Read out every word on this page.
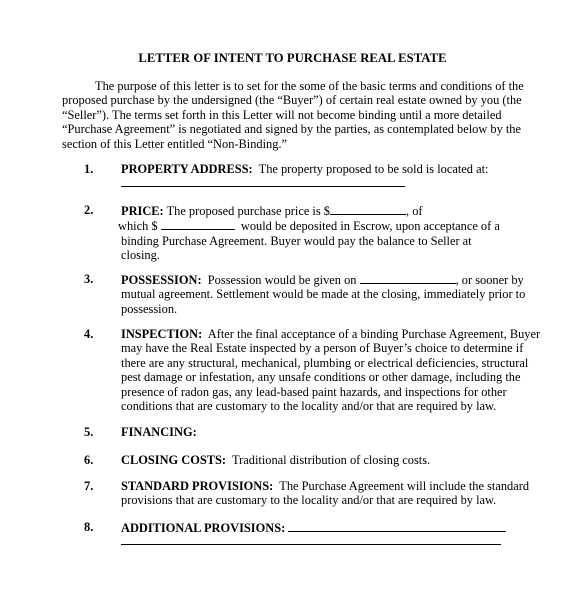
LETTER OF INTENT TO PURCHASE REAL ESTATE
The purpose of this letter is to set for the some of the basic terms and conditions of the
proposed purchase by the undersigned (the “Buyer”) of certain real estate owned by you (the
“Seller”). The terms set forth in this Letter will not become binding until a more detailed
“Purchase Agreement” is negotiated and signed by the parties, as contemplated below by the
section of this Letter entitled “Non-Binding.”
1. PROPERTY ADDRESS: The property proposed to be sold is located at:
2. PRICE: The proposed purchase price is $	, of
which $	would be deposited in Escrow, upon acceptance of a
binding Purchase Agreement. Buyer would pay the balance to Seller at
closing.
3. POSSESSION: Possession would be given on	, or sooner by
mutual agreement. Settlement would be made at the closing, immediately prior to
possession.
4. INSPECTION: After the final acceptance of a binding Purchase Agreement, Buyer
may have the Real Estate inspected by a person of Buyer’s choice to determine if
there are any structural, mechanical, plumbing or electrical deficiencies, structural
pest damage or infestation, any unsafe conditions or other damage, including the
presence of radon gas, any lead-based paint hazards, and inspections for other
conditions that are customary to the locality and/or that are required by law.
5. FINANCING:
6. CLOSING COSTS: Traditional distribution of closing costs.
7. STANDARD PROVISIONS: The Purchase Agreement will include the standard
provisions that are customary to the locality and/or that are required by law.
8. ADDITIONAL PROVISIONS:
